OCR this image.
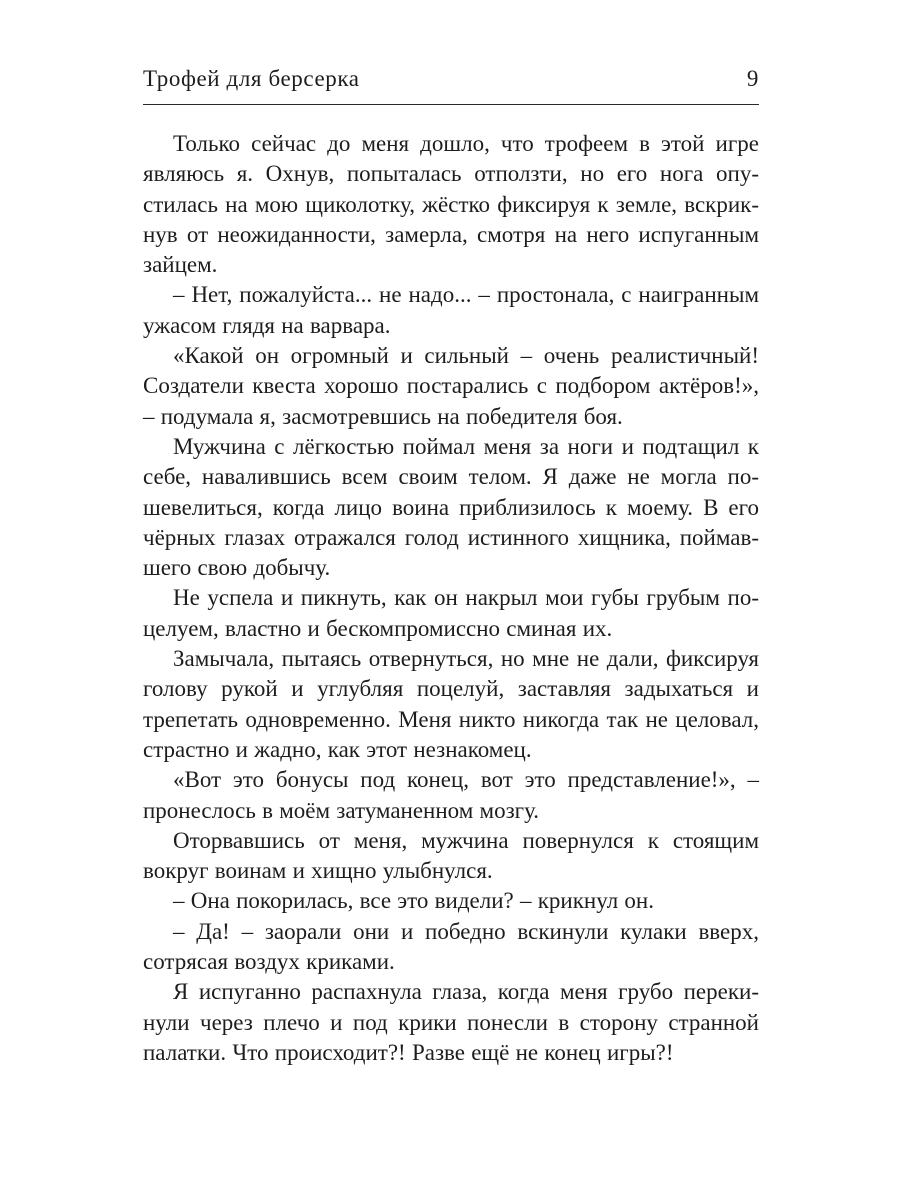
Трофей для берсерка	9

Только сейчас до меня дошло, что трофеем в этой игре являюсь я. Охнув, попыталась отползти, но его нога опустилась на мою щиколотку, жёстко фиксируя к земле, вскрикнув от неожиданности, замерла, смотря на него испуганным зайцем.

– Нет, пожалуйста... не надо... – простонала, с наигранным ужасом глядя на варвара.

«Какой он огромный и сильный – очень реалистичный! Создатели квеста хорошо постарались с подбором актёров!», – подумала я, засмотревшись на победителя боя.

Мужчина с лёгкостью поймал меня за ноги и подтащил к себе, навалившись всем своим телом. Я даже не могла пошевелиться, когда лицо воина приблизилось к моему. В его чёрных глазах отражался голод истинного хищника, поймавшего свою добычу.

Не успела и пикнуть, как он накрыл мои губы грубым поцелуем, властно и бескомпромиссно сминая их.

Замычала, пытаясь отвернуться, но мне не дали, фиксируя голову рукой и углубляя поцелуй, заставляя задыхаться и трепетать одновременно. Меня никто никогда так не целовал, страстно и жадно, как этот незнакомец.

«Вот это бонусы под конец, вот это представление!», – пронеслось в моём затуманенном мозгу.

Оторвавшись от меня, мужчина повернулся к стоящим вокруг воинам и хищно улыбнулся.

– Она покорилась, все это видели? – крикнул он.

– Да! – заорали они и победно вскинули кулаки вверх, сотрясая воздух криками.

Я испуганно распахнула глаза, когда меня грубо перекинули через плечо и под крики понесли в сторону странной палатки. Что происходит?! Разве ещё не конец игры?!
